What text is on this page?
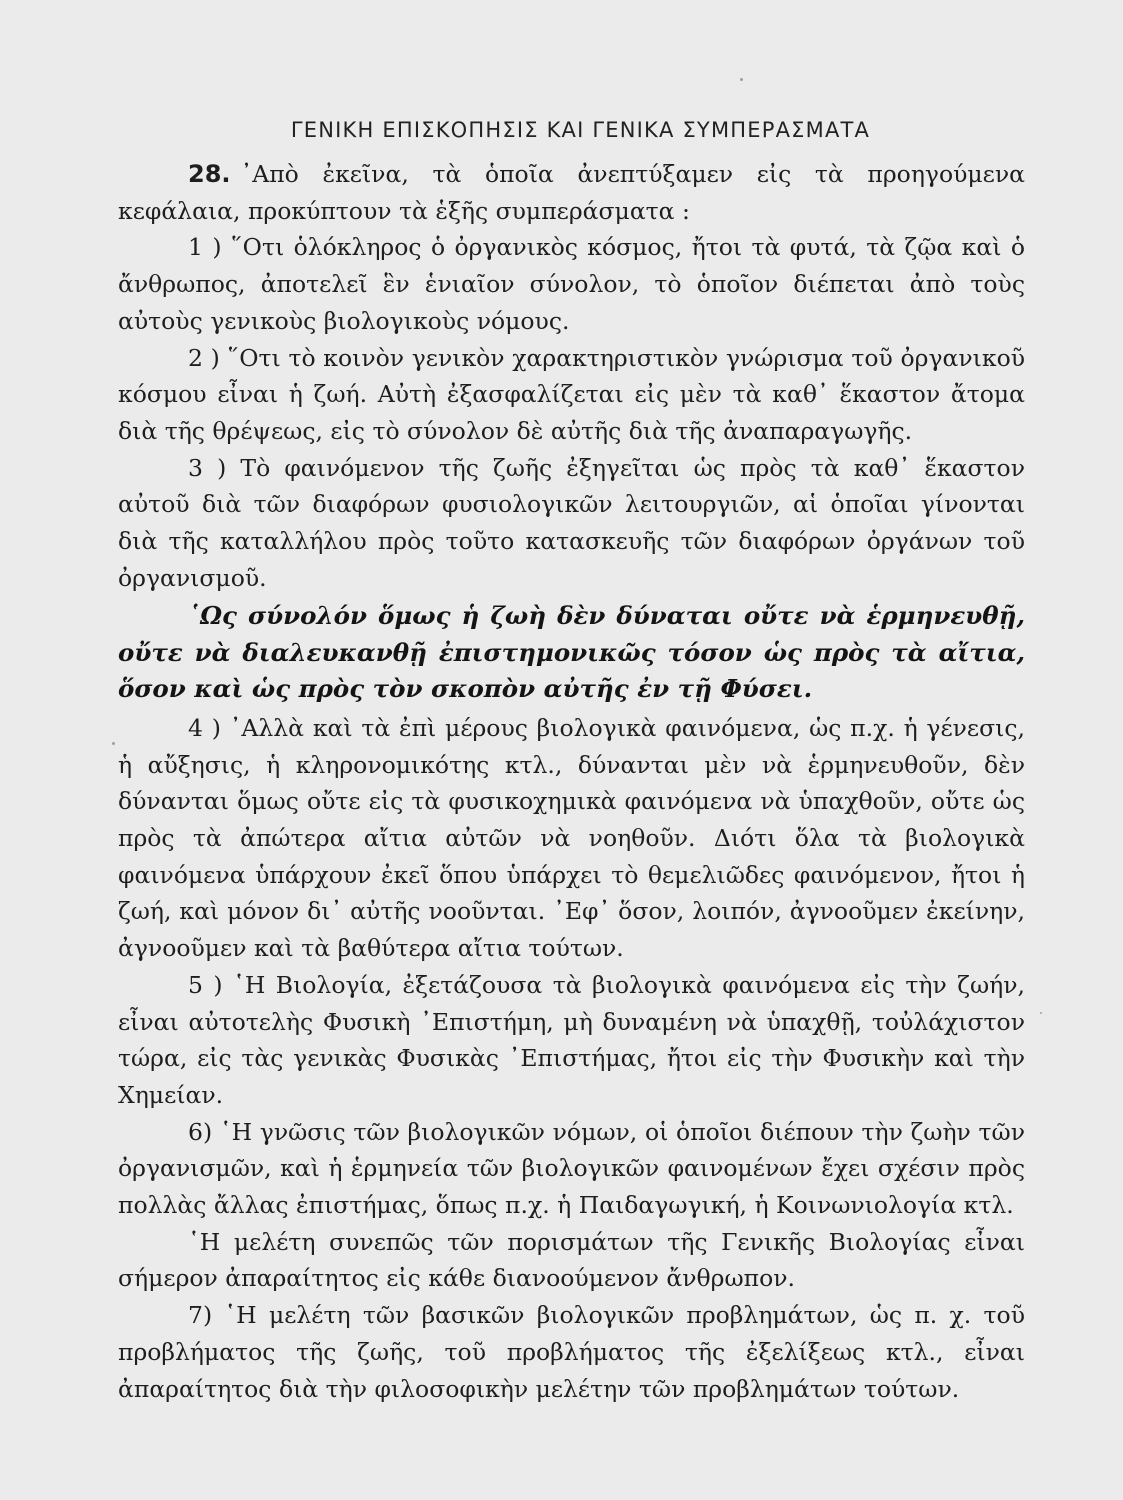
ΓΕΝΙΚΗ ΕΠΙΣΚΟΠΗΣΙΣ ΚΑΙ ΓΕΝΙΚΑ ΣΥΜΠΕΡΑΣΜΑΤΑ

28. ᾿Απὸ ἐκεῖνα, τὰ ὁποῖα ἀνεπτύξαμεν εἰς τὰ προηγούμενα κεφάλαια, προκύπτουν τὰ ἑξῆς συμπεράσματα :

1 ) ῞Οτι ὁλόκληρος ὁ ὀργανικὸς κόσμος, ἤτοι τὰ φυτά, τὰ ζῷα καὶ ὁ ἄνθρωπος, ἀποτελεῖ ἓν ἑνιαῖον σύνολον, τὸ ὁποῖον διέπεται ἀπὸ τοὺς αὐτοὺς γενικοὺς βιολογικοὺς νόμους.

2 ) ῞Οτι τὸ κοινὸν γενικὸν χαρακτηριστικὸν γνώρισμα τοῦ ὀργανικοῦ κόσμου εἶναι ἡ ζωή. Αὐτὴ ἐξασφαλίζεται εἰς μὲν τὰ καθ᾿ ἕκαστον ἄτομα διὰ τῆς θρέψεως, εἰς τὸ σύνολον δὲ αὐτῆς διὰ τῆς ἀναπαραγωγῆς.

3 ) Τὸ φαινόμενον τῆς ζωῆς ἐξηγεῖται ὡς πρὸς τὰ καθ᾿ ἕκαστον αὐτοῦ διὰ τῶν διαφόρων φυσιολογικῶν λειτουργιῶν, αἱ ὁποῖαι γίνονται διὰ τῆς καταλλήλου πρὸς τοῦτο κατασκευῆς τῶν διαφόρων ὀργάνων τοῦ ὀργανισμοῦ.

῾Ως σύνολόν ὅμως ἡ ζωὴ δὲν δύναται οὔτε νὰ ἑρμηνευθῇ, οὔτε νὰ διαλευκανθῇ ἐπιστημονικῶς τόσον ὡς πρὸς τὰ αἴτια, ὅσον καὶ ὡς πρὸς τὸν σκοπὸν αὐτῆς ἐν τῇ Φύσει.

4 ) ᾿Αλλὰ καὶ τὰ ἐπὶ μέρους βιολογικὰ φαινόμενα, ὡς π.χ. ἡ γένεσις, ἡ αὔξησις, ἡ κληρονομικότης κτλ., δύνανται μὲν νὰ ἑρμηνευθοῦν, δὲν δύνανται ὅμως οὔτε εἰς τὰ φυσικοχημικὰ φαινόμενα νὰ ὑπαχθοῦν, οὔτε ὡς πρὸς τὰ ἀπώτερα αἴτια αὐτῶν νὰ νοηθοῦν. Διότι ὅλα τὰ βιολογικὰ φαινόμενα ὑπάρχουν ἐκεῖ ὅπου ὑπάρχει τὸ θεμελιῶδες φαινόμενον, ἤτοι ἡ ζωή, καὶ μόνον δι᾿ αὐτῆς νοοῦνται. ᾿Εφ᾿ ὅσον, λοιπόν, ἀγνοοῦμεν ἐκείνην, ἀγνοοῦμεν καὶ τὰ βαθύτερα αἴτια τούτων.

5 ) ῾Η Βιολογία, ἐξετάζουσα τὰ βιολογικὰ φαινόμενα εἰς τὴν ζωήν, εἶναι αὐτοτελὴς Φυσικὴ ᾿Επιστήμη, μὴ δυναμένη νὰ ὑπαχθῇ, τοὐλάχιστον τώρα, εἰς τὰς γενικὰς Φυσικὰς ᾿Επιστήμας, ἤτοι εἰς τὴν Φυσικὴν καὶ τὴν Χημείαν.

6) ῾Η γνῶσις τῶν βιολογικῶν νόμων, οἱ ὁποῖοι διέπουν τὴν ζωὴν τῶν ὀργανισμῶν, καὶ ἡ ἑρμηνεία τῶν βιολογικῶν φαινομένων ἔχει σχέσιν πρὸς πολλὰς ἄλλας ἐπιστήμας, ὅπως π.χ. ἡ Παιδαγωγική, ἡ Κοινωνιολογία κτλ.

῾Η μελέτη συνεπῶς τῶν πορισμάτων τῆς Γενικῆς Βιολογίας εἶναι σήμερον ἀπαραίτητος εἰς κάθε διανοούμενον ἄνθρωπον.

7) ῾Η μελέτη τῶν βασικῶν βιολογικῶν προβλημάτων, ὡς π. χ. τοῦ προβλήματος τῆς ζωῆς, τοῦ προβλήματος τῆς ἐξελίξεως κτλ., εἶναι ἀπαραίτητος διὰ τὴν φιλοσοφικὴν μελέτην τῶν προβλημάτων τούτων.
